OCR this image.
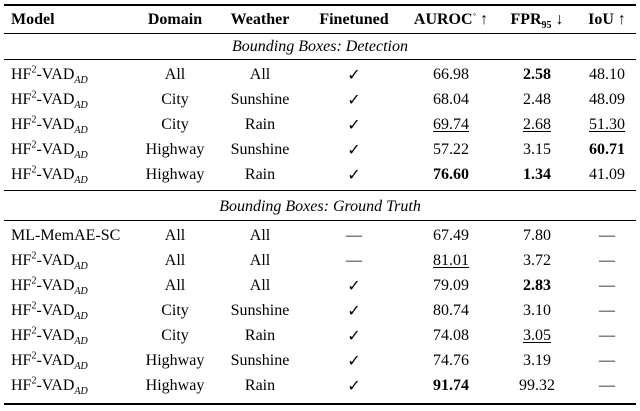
Model	Domain	Weather	Finetuned	AUROC◦ ↑	$FPR_{95}$ ↓	IoU ↑
Bounding Boxes: Detection
$HF^2-VAD_{AD}$	All	All	✓	66.98	2.58	48.10
$HF^2-VAD_{AD}$	City	Sunshine	✓	68.04	2.48	48.09
$HF^2-VAD_{AD}$	City	Rain	✓	69.74	2.68	51.30
$HF^2-VAD_{AD}$	Highway	Sunshine	✓	57.22	3.15	60.71
$HF^2-VAD_{AD}$	Highway	Rain	✓	76.60	1.34	41.09
Bounding Boxes: Ground Truth
ML-MemAE-SC	All	All	—	67.49	7.80	—
$HF^2-VAD_{AD}$	All	All	—	81.01	3.72	—
$HF^2-VAD_{AD}$	All	All	✓	79.09	2.83	—
$HF^2-VAD_{AD}$	City	Sunshine	✓	80.74	3.10	—
$HF^2-VAD_{AD}$	City	Rain	✓	74.08	3.05	—
$HF^2-VAD_{AD}$	Highway	Sunshine	✓	74.76	3.19	—
$HF^2-VAD_{AD}$	Highway	Rain	✓	91.74	99.32	—
